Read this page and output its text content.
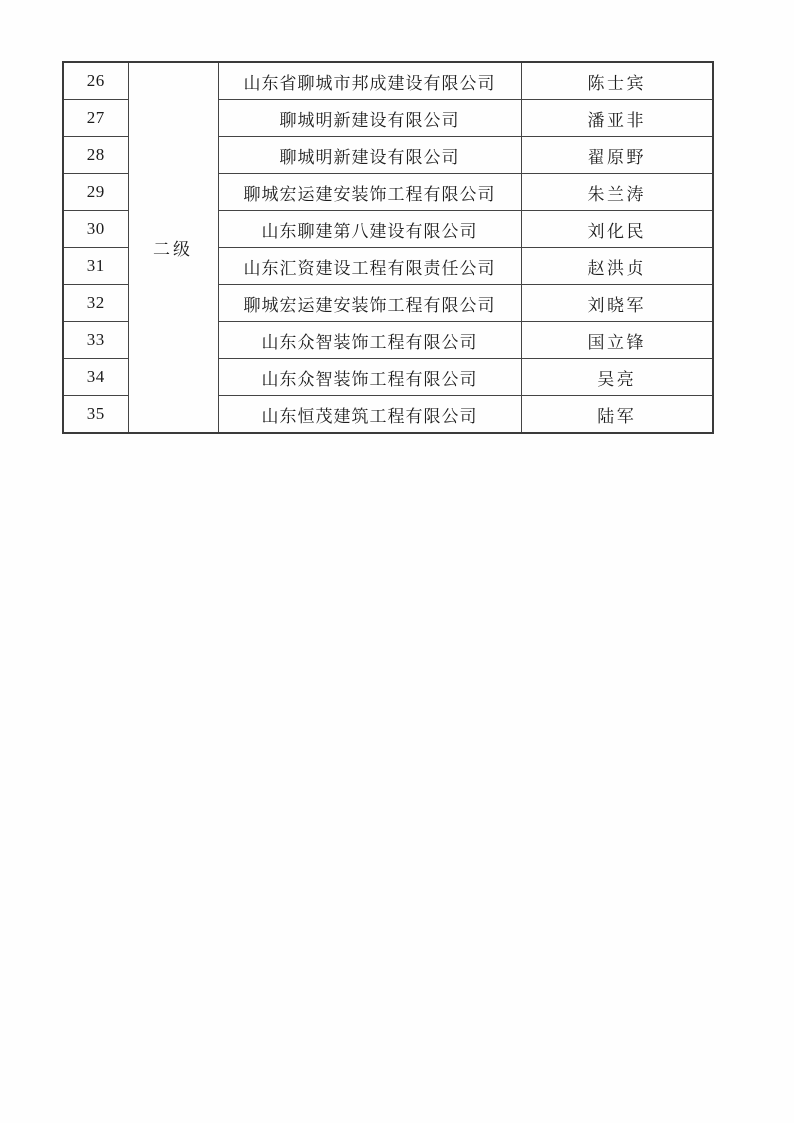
26	二级	山东省聊城市邦成建设有限公司	陈士宾
27		聊城明新建设有限公司	潘亚非
28		聊城明新建设有限公司	翟原野
29		聊城宏运建安装饰工程有限公司	朱兰涛
30		山东聊建第八建设有限公司	刘化民
31		山东汇资建设工程有限责任公司	赵洪贞
32		聊城宏运建安装饰工程有限公司	刘晓军
33		山东众智装饰工程有限公司	国立锋
34		山东众智装饰工程有限公司	吴亮
35		山东恒茂建筑工程有限公司	陆军
